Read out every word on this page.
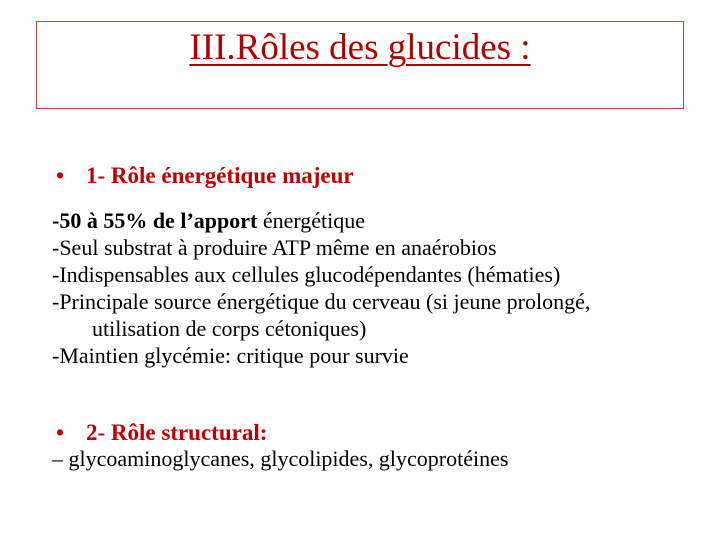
III.Rôles des glucides :
• 1- Rôle énergétique majeur
-50 à 55% de l’apport énergétique
-Seul substrat à produire ATP même en anaérobios
-Indispensables aux cellules glucodépendantes (hématies)
-Principale source énergétique du cerveau (si jeune prolongé,
utilisation de corps cétoniques)
-Maintien glycémie: critique pour survie
• 2- Rôle structural:
– glycoaminoglycanes, glycolipides, glycoprotéines
